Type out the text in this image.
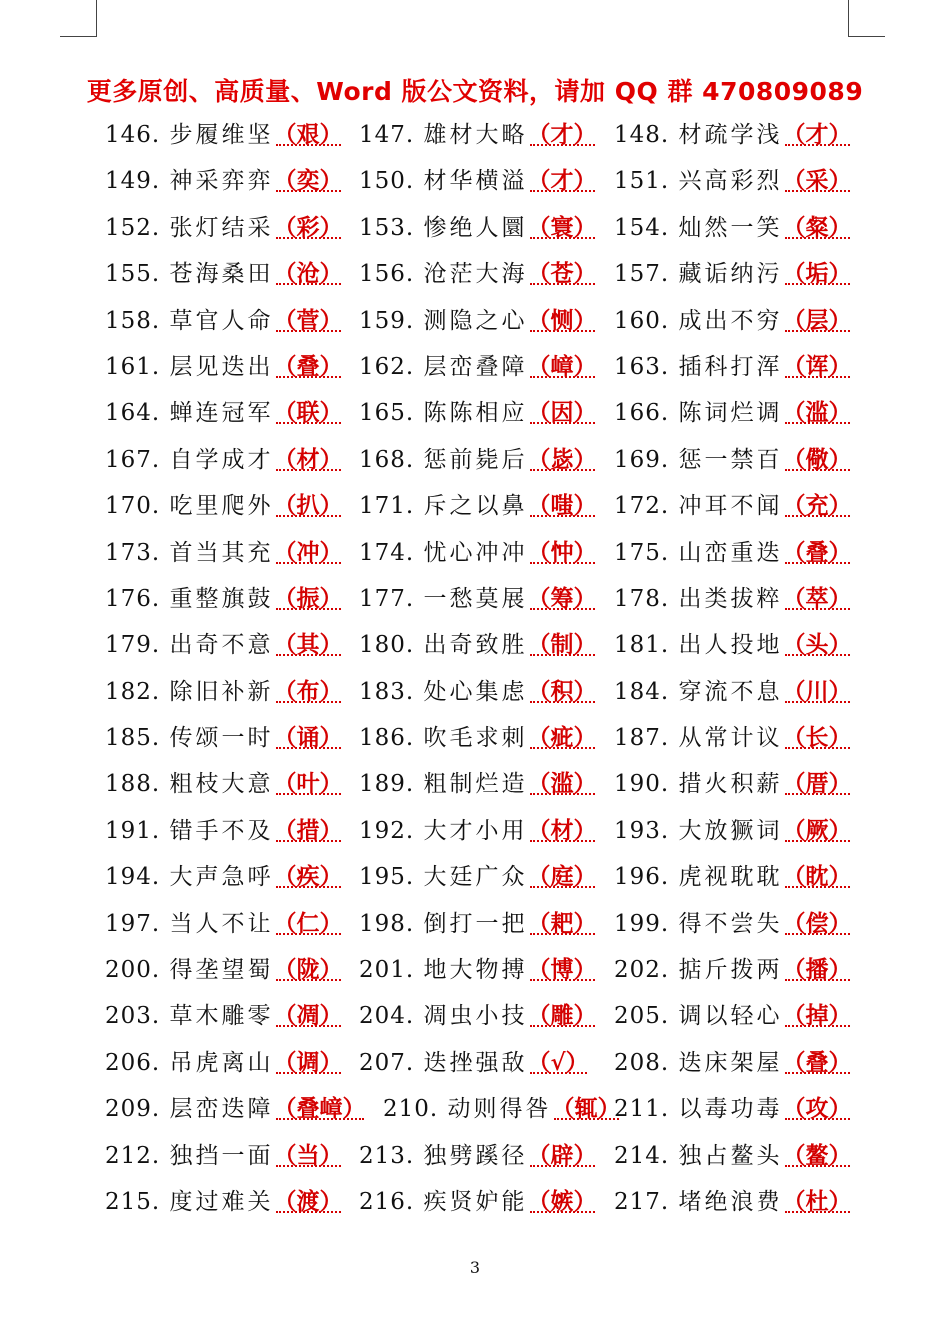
更多原创、高质量、Word 版公文资料，请加 QQ 群 470809089
146. 步履维坚（艰） 147. 雄材大略（才） 148. 材疏学浅（才）
149. 神采弈弈（奕） 150. 材华横溢（才） 151. 兴高彩烈（采）
152. 张灯结采（彩） 153. 惨绝人圜（寰） 154. 灿然一笑（粲）
155. 苍海桑田（沧） 156. 沧茫大海（苍） 157. 藏诟纳污（垢）
158. 草官人命（菅） 159. 测隐之心（恻） 160. 成出不穷（层）
161. 层见迭出（叠） 162. 层峦叠障（嶂） 163. 插科打浑（诨）
164. 蝉连冠军（联） 165. 陈陈相应（因） 166. 陈词烂调（滥）
167. 自学成才（材） 168. 惩前毙后（毖） 169. 惩一禁百（儆）
170. 吃里爬外（扒） 171. 斥之以鼻（嗤） 172. 冲耳不闻（充）
173. 首当其充（冲） 174. 忧心冲冲（忡） 175. 山峦重迭（叠）
176. 重整旗鼓（振） 177. 一愁莫展（筹） 178. 出类拔粹（萃）
179. 出奇不意（其） 180. 出奇致胜（制） 181. 出人投地（头）
182. 除旧补新（布） 183. 处心集虑（积） 184. 穿流不息（川）
185. 传颂一时（诵） 186. 吹毛求刺（疵） 187. 从常计议（长）
188. 粗枝大意（叶） 189. 粗制烂造（滥） 190. 措火积薪（厝）
191. 错手不及（措） 192. 大才小用（材） 193. 大放獗词（厥）
194. 大声急呼（疾） 195. 大廷广众（庭） 196. 虎视耽耽（眈）
197. 当人不让（仁） 198. 倒打一把（耙） 199. 得不尝失（偿）
200. 得垄望蜀（陇） 201. 地大物搏（博） 202. 掂斤拨两（播）
203. 草木雕零（凋） 204. 凋虫小技（雕） 205. 调以轻心（掉）
206. 吊虎离山（调） 207. 迭挫强敌（√） 208. 迭床架屋（叠）
209. 层峦迭障（叠嶂） 210. 动则得咎（辄）
211. 以毒功毒（攻）
212. 独挡一面（当） 213. 独劈蹊径（辟） 214. 独占鳌头（鳌）
215. 度过难关（渡） 216. 疾贤妒能（嫉） 217. 堵绝浪费（杜）
3
